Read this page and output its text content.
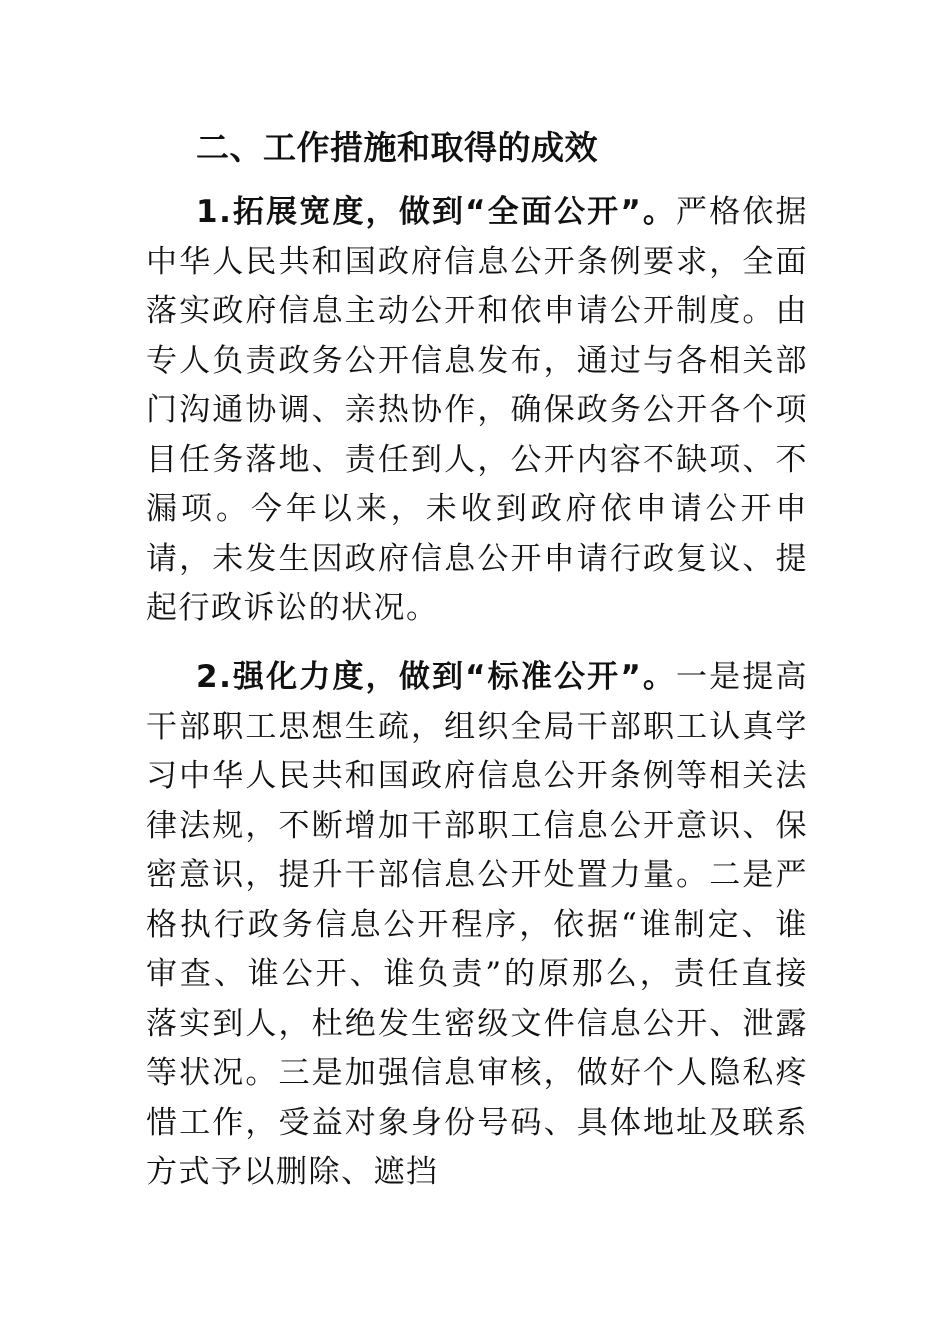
二、工作措施和取得的成效

1.拓展宽度，做到“全面公开”。严格依据中华人民共和国政府信息公开条例要求，全面落实政府信息主动公开和依申请公开制度。由专人负责政务公开信息发布，通过与各相关部门沟通协调、亲热协作，确保政务公开各个项目任务落地、责任到人，公开内容不缺项、不漏项。今年以来，未收到政府依申请公开申请，未发生因政府信息公开申请行政复议、提起行政诉讼的状况。

2.强化力度，做到“标准公开”。一是提高干部职工思想生疏，组织全局干部职工认真学习中华人民共和国政府信息公开条例等相关法律法规，不断增加干部职工信息公开意识、保密意识，提升干部信息公开处置力量。二是严格执行政务信息公开程序，依据“谁制定、谁审查、谁公开、谁负责”的原那么，责任直接落实到人，杜绝发生密级文件信息公开、泄露等状况。三是加强信息审核，做好个人隐私疼惜工作，受益对象身份号码、具体地址及联系方式予以删除、遮挡
